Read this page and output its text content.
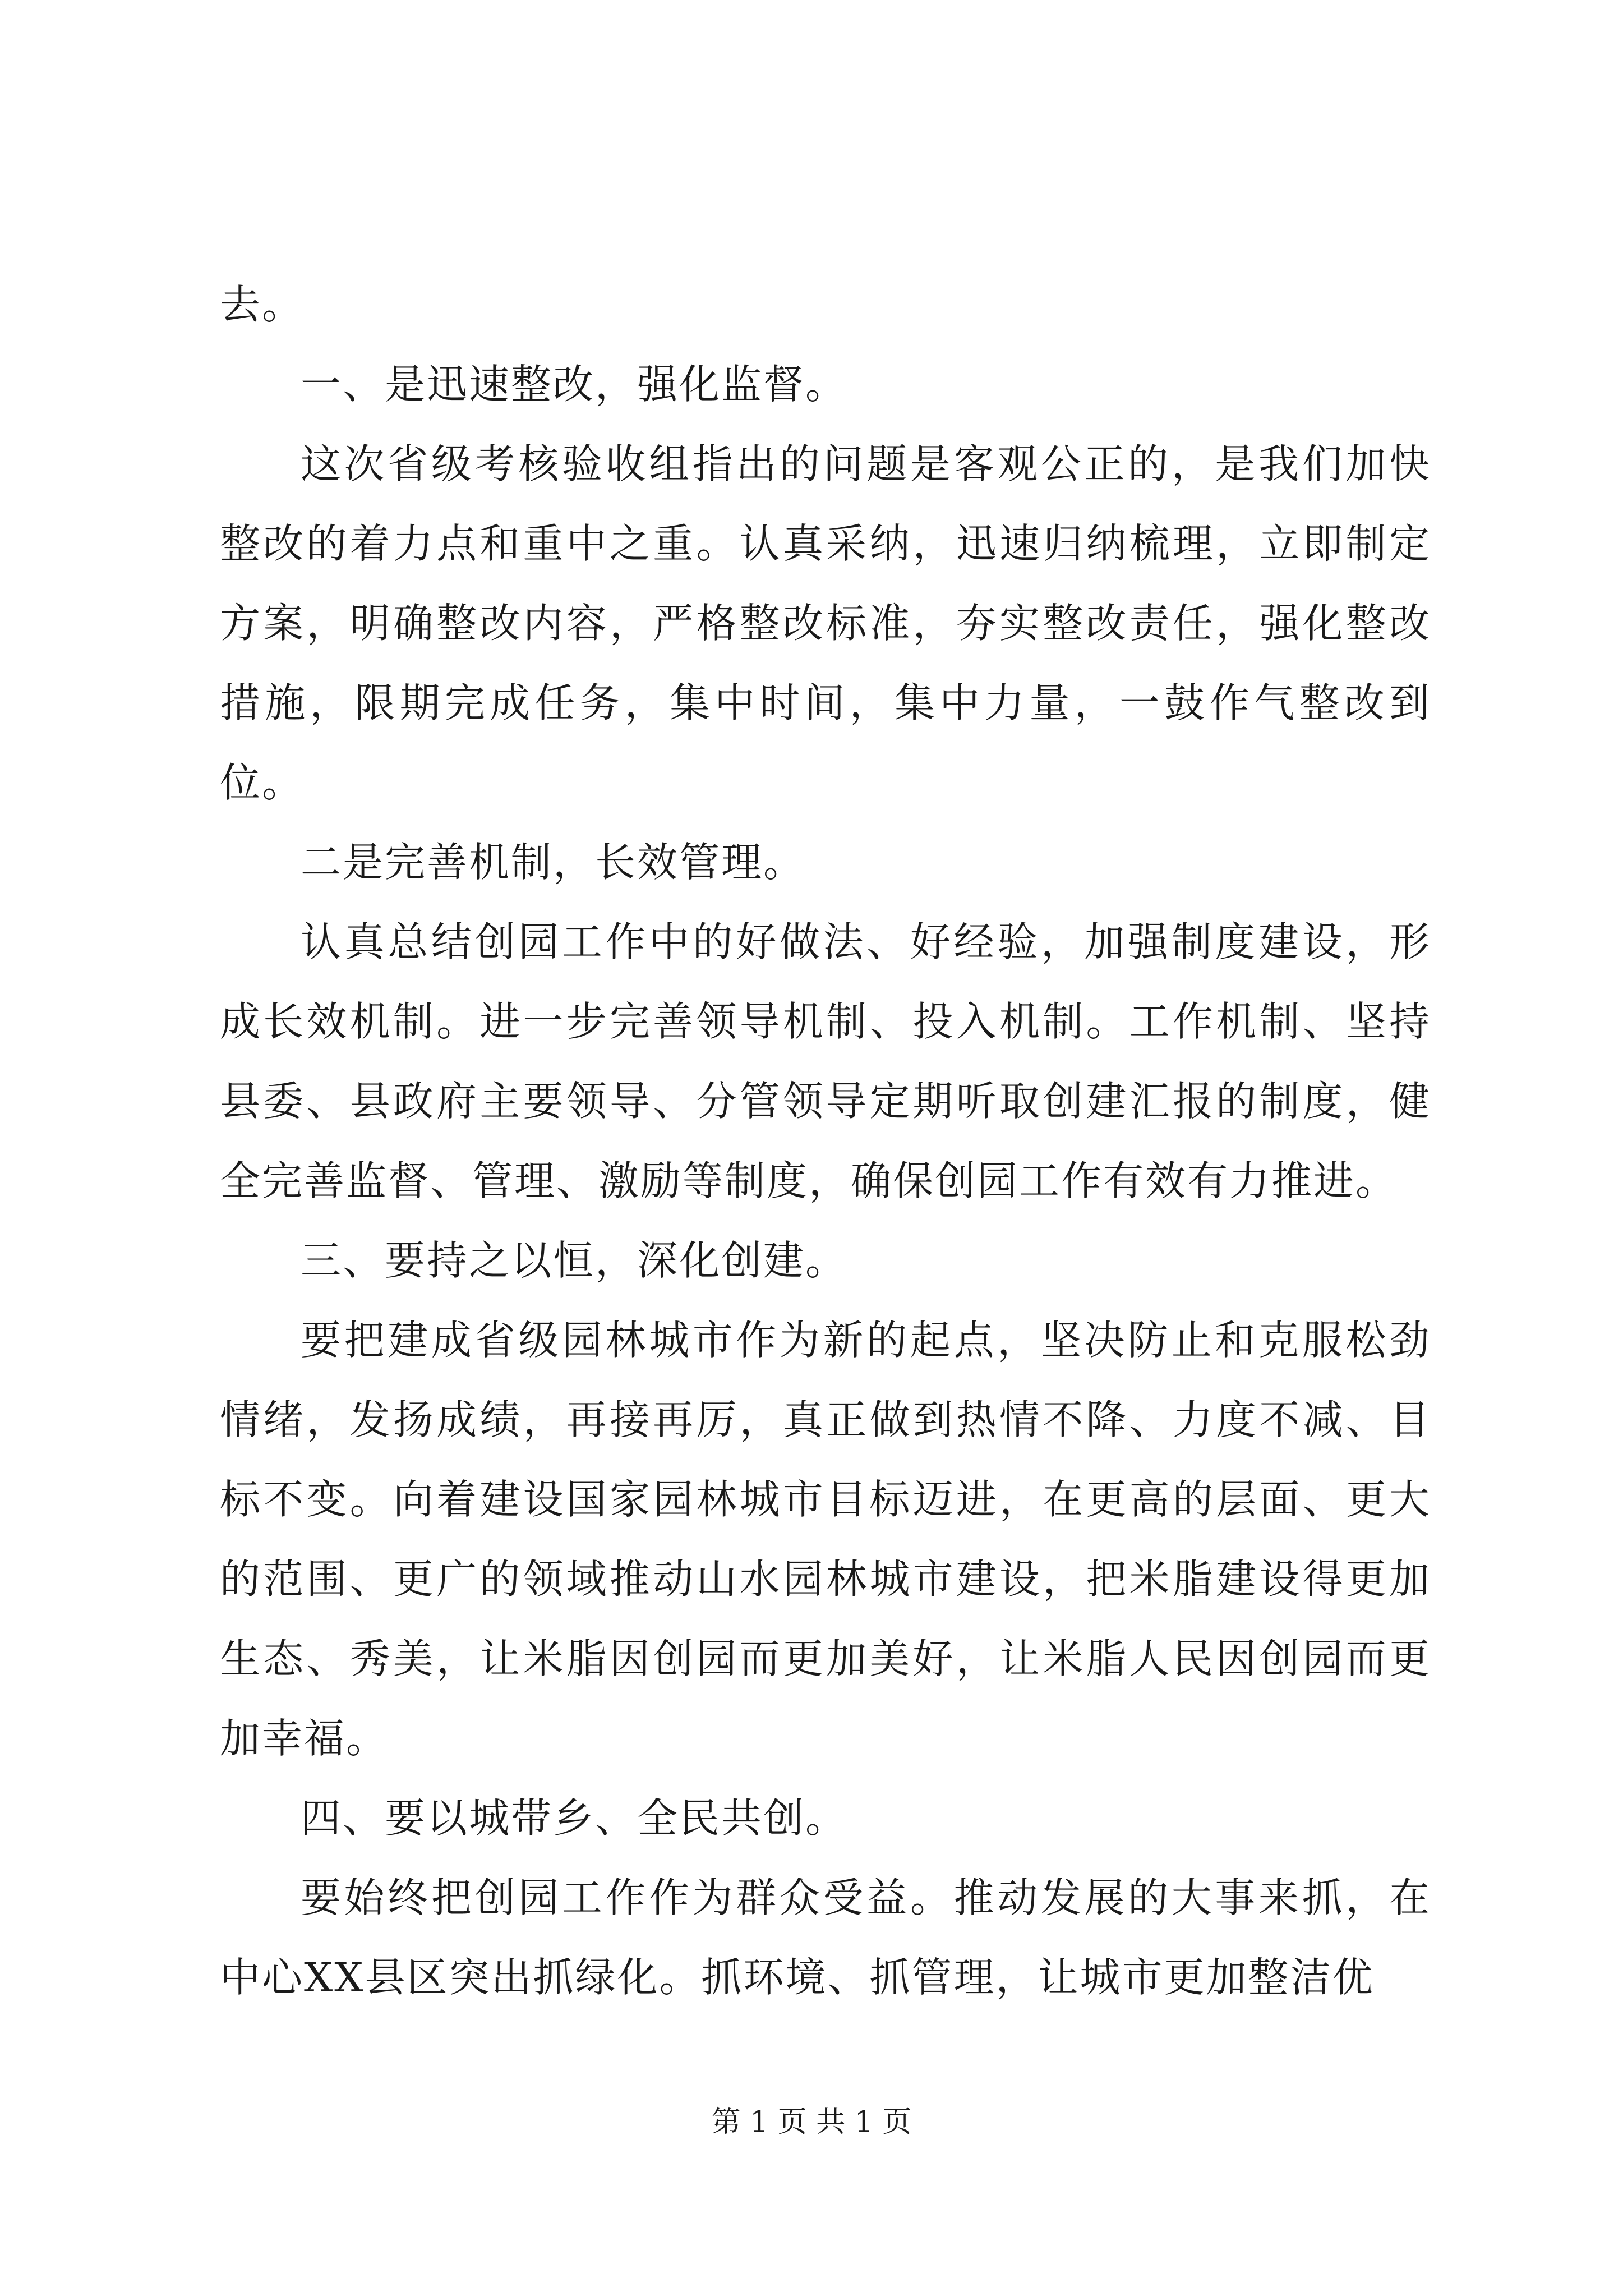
去。

一、是迅速整改，强化监督。

这次省级考核验收组指出的问题是客观公正的，是我们加快整改的着力点和重中之重。认真采纳，迅速归纳梳理，立即制定方案，明确整改内容，严格整改标准，夯实整改责任，强化整改措施，限期完成任务，集中时间，集中力量，一鼓作气整改到位。

二是完善机制，长效管理。

认真总结创园工作中的好做法、好经验，加强制度建设，形成长效机制。进一步完善领导机制、投入机制。工作机制、坚持县委、县政府主要领导、分管领导定期听取创建汇报的制度，健全完善监督、管理、激励等制度，确保创园工作有效有力推进。

三、要持之以恒，深化创建。

要把建成省级园林城市作为新的起点，坚决防止和克服松劲情绪，发扬成绩，再接再厉，真正做到热情不降、力度不减、目标不变。向着建设国家园林城市目标迈进，在更高的层面、更大的范围、更广的领域推动山水园林城市建设，把米脂建设得更加生态、秀美，让米脂因创园而更加美好，让米脂人民因创园而更加幸福。

四、要以城带乡、全民共创。

要始终把创园工作作为群众受益。推动发展的大事来抓，在中心XX县区突出抓绿化。抓环境、抓管理，让城市更加整洁优

第 1 页 共 1 页
